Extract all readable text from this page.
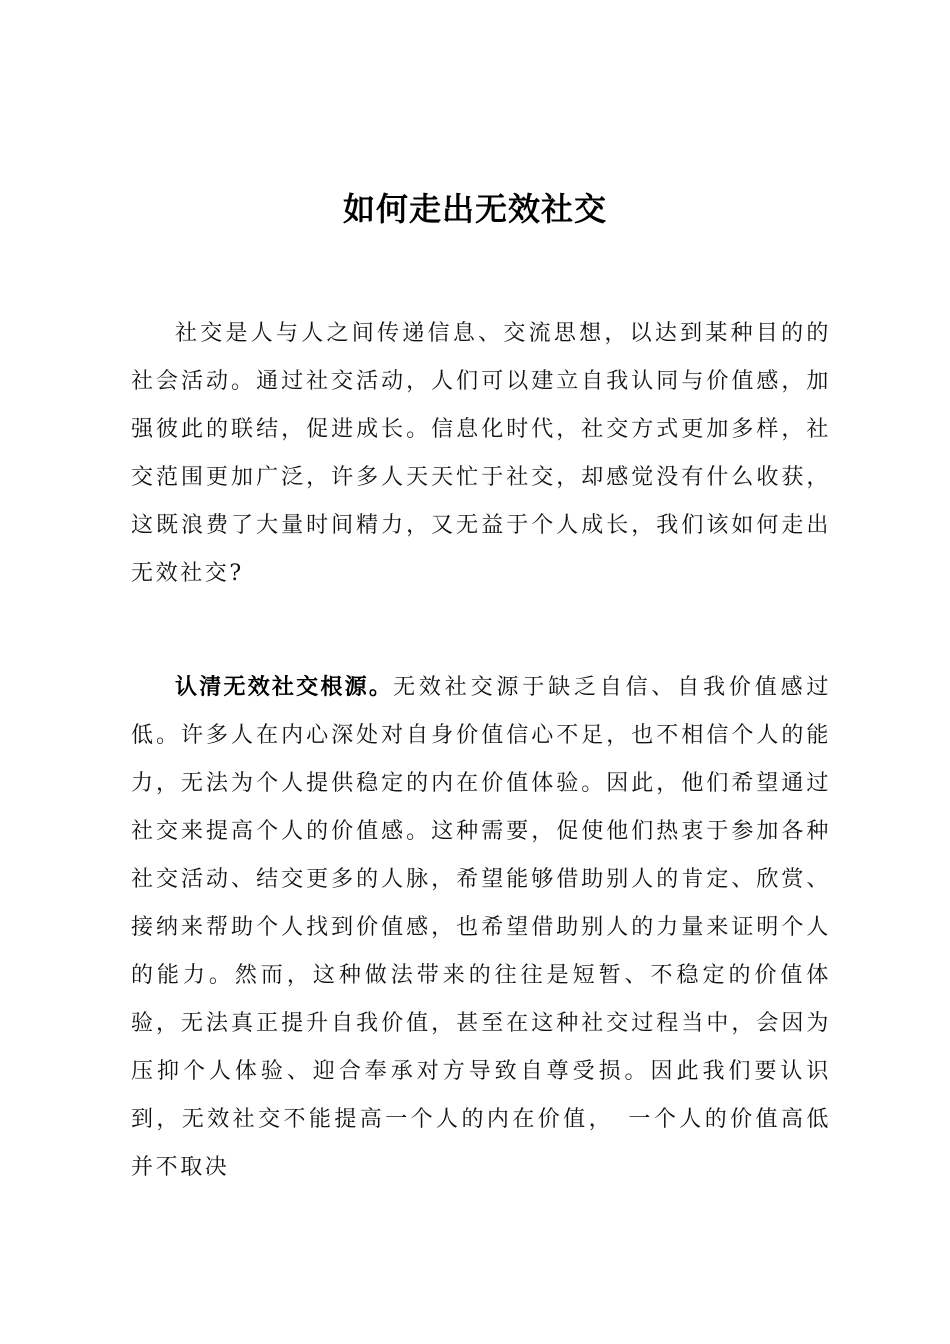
如何走出无效社交

社交是人与人之间传递信息、交流思想，以达到某种目的的社会活动。通过社交活动，人们可以建立自我认同与价值感，加强彼此的联结，促进成长。信息化时代，社交方式更加多样，社交范围更加广泛，许多人天天忙于社交，却感觉没有什么收获，这既浪费了大量时间精力，又无益于个人成长，我们该如何走出无效社交?

认清无效社交根源。无效社交源于缺乏自信、自我价值感过低。许多人在内心深处对自身价值信心不足，也不相信个人的能力，无法为个人提供稳定的内在价值体验。因此，他们希望通过社交来提高个人的价值感。这种需要，促使他们热衷于参加各种社交活动、结交更多的人脉，希望能够借助别人的肯定、欣赏、接纳来帮助个人找到价值感，也希望借助别人的力量来证明个人的能力。然而，这种做法带来的往往是短暂、不稳定的价值体验，无法真正提升自我价值，甚至在这种社交过程当中，会因为压抑个人体验、迎合奉承对方导致自尊受损。因此我们要认识到，无效社交不能提高一个人的内在价值，　一个人的价值高低并不取决
